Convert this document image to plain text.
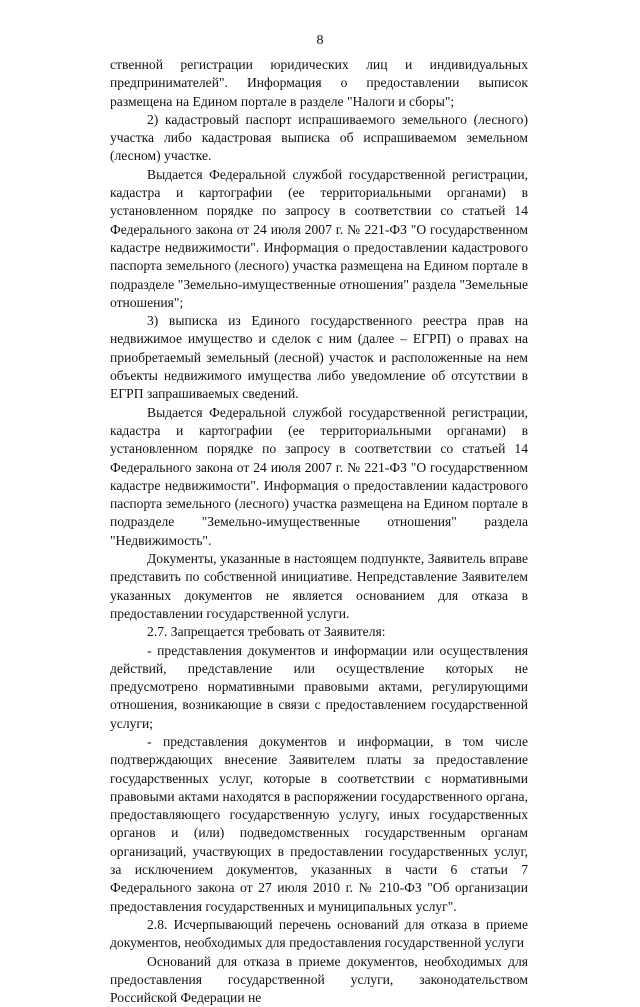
8

ственной регистрации юридических лиц и индивидуальных предпринимателей". Информация о предоставлении выписок размещена на Едином портале в разделе "Налоги и сборы";

2) кадастровый паспорт испрашиваемого земельного (лесного) участка либо кадастровая выписка об испрашиваемом земельном (лесном) участке.

Выдается Федеральной службой государственной регистрации, кадастра и картографии (ее территориальными органами) в установленном порядке по запросу в соответствии со статьей 14 Федерального закона от 24 июля 2007 г. № 221-ФЗ "О государственном кадастре недвижимости". Информация о предоставлении кадастрового паспорта земельного (лесного) участка размещена на Едином портале в подразделе "Земельно-имущественные отношения" раздела "Земельные отношения";

3) выписка из Единого государственного реестра прав на недвижимое имущество и сделок с ним (далее – ЕГРП) о правах на приобретаемый земельный (лесной) участок и расположенные на нем объекты недвижимого имущества либо уведомление об отсутствии в ЕГРП запрашиваемых сведений.

Выдается Федеральной службой государственной регистрации, кадастра и картографии (ее территориальными органами) в установленном порядке по запросу в соответствии со статьей 14 Федерального закона от 24 июля 2007 г. № 221-ФЗ "О государственном кадастре недвижимости". Информация о предоставлении кадастрового паспорта земельного (лесного) участка размещена на Едином портале в подразделе "Земельно-имущественные отношения" раздела "Недвижимость".

Документы, указанные в настоящем подпункте, Заявитель вправе представить по собственной инициативе. Непредставление Заявителем указанных документов не является основанием для отказа в предоставлении государственной услуги.

2.7. Запрещается требовать от Заявителя:

- представления документов и информации или осуществления действий, представление или осуществление которых не предусмотрено нормативными правовыми актами, регулирующими отношения, возникающие в связи с предоставлением государственной услуги;

- представления документов и информации, в том числе подтверждающих внесение Заявителем платы за предоставление государственных услуг, которые в соответствии с нормативными правовыми актами находятся в распоряжении государственного органа, предоставляющего государственную услугу, иных государственных органов и (или) подведомственных государственным органам организаций, участвующих в предоставлении государственных услуг, за исключением документов, указанных в части 6 статьи 7 Федерального закона от 27 июля 2010 г. № 210-ФЗ "Об организации предоставления государственных и муниципальных услуг".

2.8. Исчерпывающий перечень оснований для отказа в приеме документов, необходимых для предоставления государственной услуги

Оснований для отказа в приеме документов, необходимых для предоставления государственной услуги, законодательством Российской Федерации не
